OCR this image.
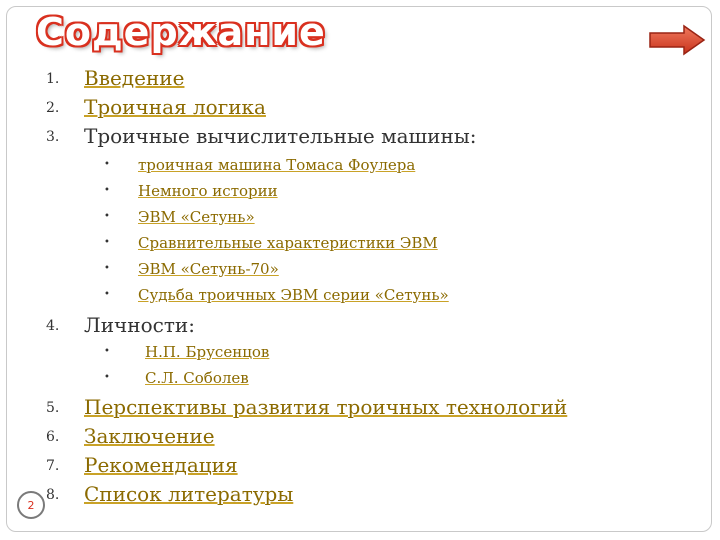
Содержание
1. Введение
2. Троичная логика
3. Троичные вычислительные машины:
• троичная машина Томаса Фоулера
• Немного истории
• ЭВМ «Сетунь»
• Сравнительные характеристики ЭВМ
• ЭВМ «Сетунь-70»
• Судьба троичных ЭВМ серии «Сетунь»
4. Личности:
• Н.П. Брусенцов
• С.Л. Соболев
5. Перспективы развития троичных технологий
6. Заключение
7. Рекомендация
8. Список литературы
2
